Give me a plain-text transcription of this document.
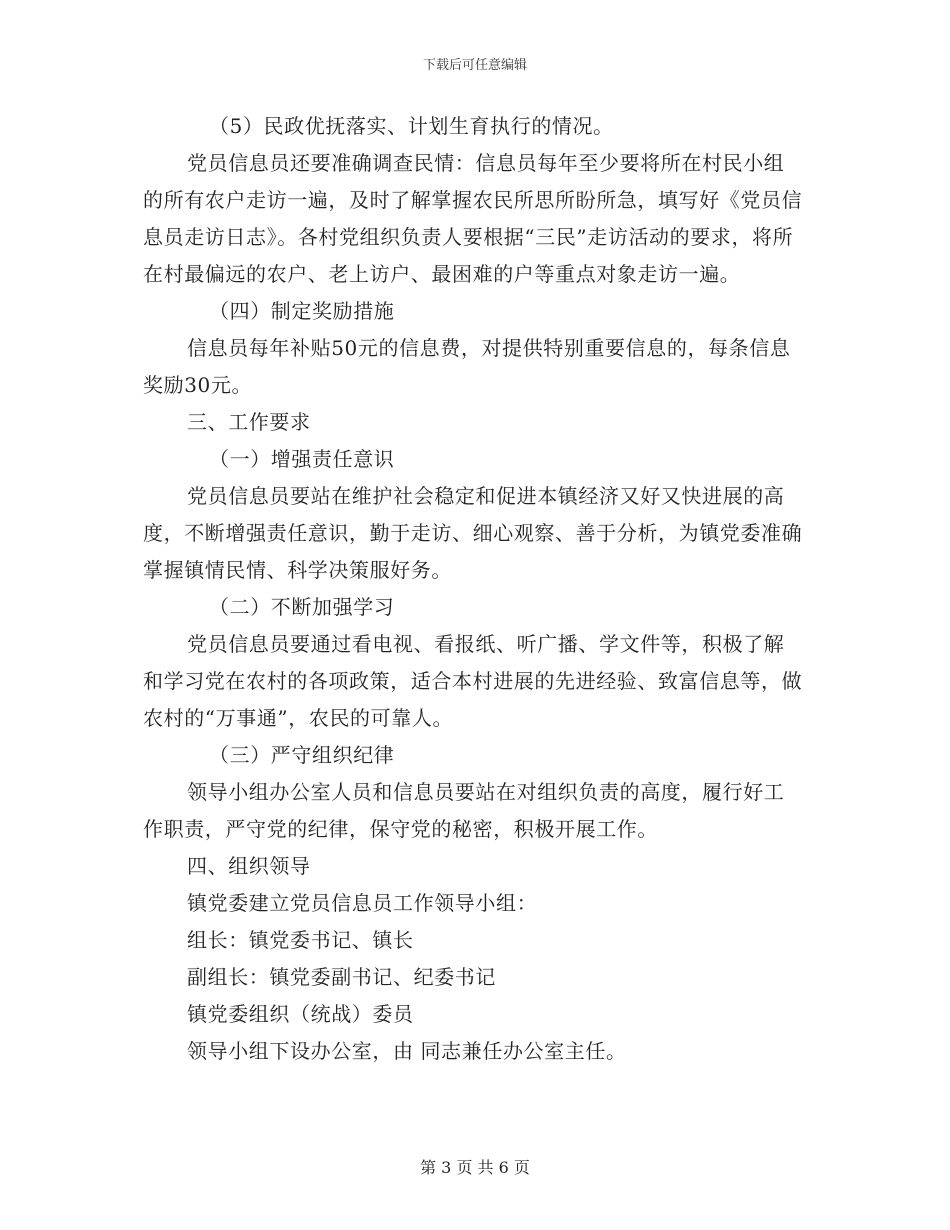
下载后可任意编辑

（5）民政优抚落实、计划生育执行的情况。

党员信息员还要准确调查民情：信息员每年至少要将所在村民小组的所有农户走访一遍，及时了解掌握农民所思所盼所急，填写好《党员信息员走访日志》。各村党组织负责人要根据“三民”走访活动的要求，将所在村最偏远的农户、老上访户、最困难的户等重点对象走访一遍。

（四）制定奖励措施

信息员每年补贴50元的信息费，对提供特别重要信息的，每条信息奖励30元。

三、工作要求

（一）增强责任意识

党员信息员要站在维护社会稳定和促进本镇经济又好又快进展的高度，不断增强责任意识，勤于走访、细心观察、善于分析，为镇党委准确掌握镇情民情、科学决策服好务。

（二）不断加强学习

党员信息员要通过看电视、看报纸、听广播、学文件等，积极了解和学习党在农村的各项政策，适合本村进展的先进经验、致富信息等，做农村的“万事通”，农民的可靠人。

（三）严守组织纪律

领导小组办公室人员和信息员要站在对组织负责的高度，履行好工作职责，严守党的纪律，保守党的秘密，积极开展工作。

四、组织领导

镇党委建立党员信息员工作领导小组：

组长：镇党委书记、镇长

副组长：镇党委副书记、纪委书记

镇党委组织（统战）委员

领导小组下设办公室，由 同志兼任办公室主任。

第 3 页 共 6 页
